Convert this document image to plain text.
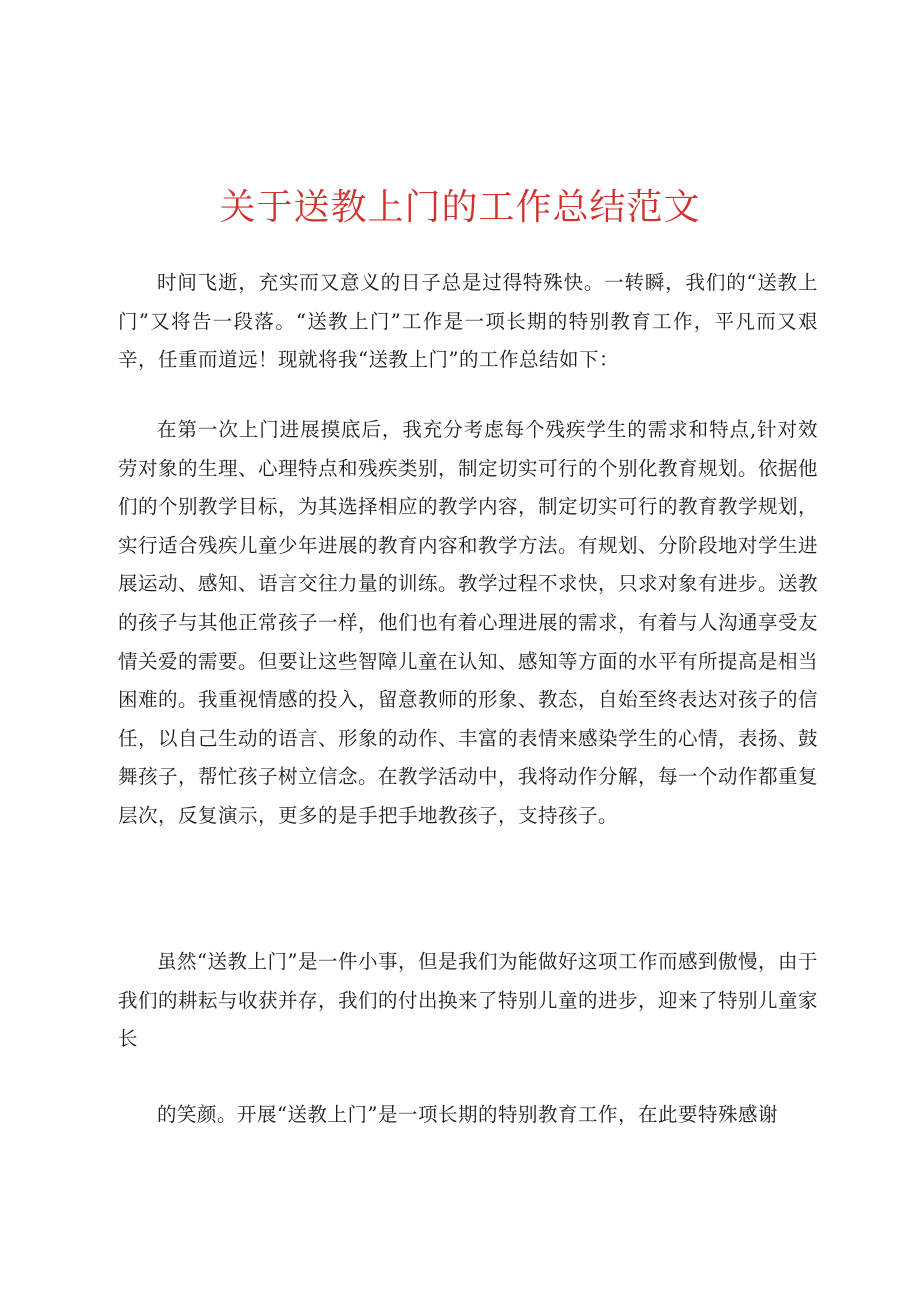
关于送教上门的工作总结范文

时间飞逝，充实而又意义的日子总是过得特殊快。一转瞬，我们的“送教上门”又将告一段落。“送教上门”工作是一项长期的特别教育工作，平凡而又艰辛，任重而道远！现就将我“送教上门”的工作总结如下：

在第一次上门进展摸底后，我充分考虑每个残疾学生的需求和特点,针对效劳对象的生理、心理特点和残疾类别，制定切实可行的个别化教育规划。依据他们的个别教学目标，为其选择相应的教学内容，制定切实可行的教育教学规划，实行适合残疾儿童少年进展的教育内容和教学方法。有规划、分阶段地对学生进展运动、感知、语言交往力量的训练。教学过程不求快，只求对象有进步。送教的孩子与其他正常孩子一样，他们也有着心理进展的需求，有着与人沟通享受友情关爱的需要。但要让这些智障儿童在认知、感知等方面的水平有所提高是相当困难的。我重视情感的投入，留意教师的形象、教态，自始至终表达对孩子的信任，以自己生动的语言、形象的动作、丰富的表情来感染学生的心情，表扬、鼓舞孩子，帮忙孩子树立信念。在教学活动中，我将动作分解，每一个动作都重复层次，反复演示，更多的是手把手地教孩子，支持孩子。

虽然“送教上门”是一件小事，但是我们为能做好这项工作而感到傲慢，由于我们的耕耘与收获并存，我们的付出换来了特别儿童的进步，迎来了特别儿童家长

的笑颜。开展“送教上门”是一项长期的特别教育工作，在此要特殊感谢
